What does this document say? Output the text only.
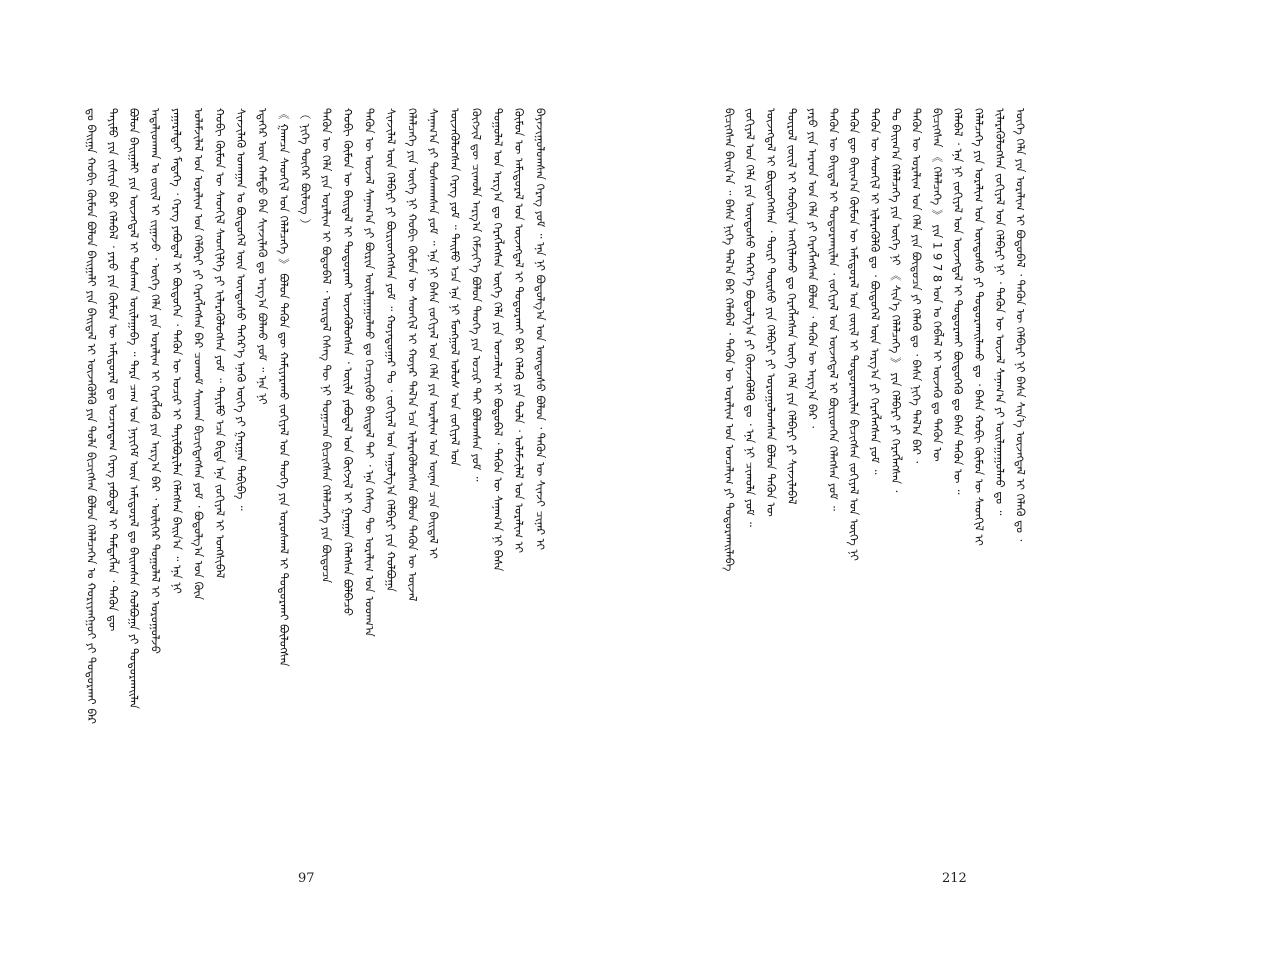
ᠳᠤ ᠪᠠᠢᠭᠠ ᠬᠤᠪᠢ ᠬᠦᠮᠦᠨ ᠪᠤᠯᠤᠨ ᠪᠠᠢᠭᠠᠯᠢ ᠶᠢᠨ ᠪᠠᠢᠳᠠᠯ ᠢ ᠦᠵᠡᠭᠦᠯᠬᠦ ᠶᠢᠨ ᠲᠤᠯᠠ ᠪᠢᠴᠢᠭᠰᠡᠨ ᠪᠣᠯᠤᠨ ᠬᠡᠯᠡᠯᠴᠡᠭᠡᠨ ᠤ ᠬᠤᠷᠢᠶᠠᠩᠭᠤᠢ ᠶᠢ ᠲᠣᠳᠣᠷᠬᠠᠢ ᠪᠡᠷ ᠲᠡᠶᠢᠮᠦ ᠶᠢᠨ ᠵᠢᠰᠢᠶᠡ ᠪᠡᠷ ᠬᠡᠯᠡᠪᠡᠯ ᠂ ᠶᠡᠷᠦ ᠶᠢᠨ ᠬᠦᠮᠦᠨ ᠦ ᠠᠮᠢᠳᠤᠷᠠᠯ ᠳᠤ ᠤᠴᠠᠷᠠᠳᠠᠭ ᠬᠡᠷᠡᠭ ᠶᠠᠪᠤᠳᠠᠯ ᠢ ᠲᠡᠮᠳᠡᠭᠯᠡᠨ ᠂ ᠲᠡᠭᠦᠨ ᠳᠦ ᠪᠣᠯᠤᠨ ᠪᠠᠢᠭᠠᠯᠢ ᠶᠢᠨ ᠦᠵᠡᠭᠳᠡᠯ ᠢ ᠲᠤᠰᠬᠠᠨ ᠤᠢᠯᠠᠭᠠᠪᠠ ᠃ ᠲᠡᠷᠡ ᠴᠠᠭ ᠤᠨ ᠨᠡᠶᠢᠭᠡᠮ ᠦᠨ ᠠᠮᠢᠳᠤᠷᠠᠯ ᠳᠤ ᠪᠠᠢᠭᠰᠠᠨ ᠬᠣᠯᠪᠣᠭᠠ ᠶᠢ ᠲᠣᠳᠣᠷᠬᠠᠢᠯᠠᠨ ᠠᠳᠠᠯᠢᠳᠬᠠᠨ ᠤ ᠵᠦᠢᠯ ᠢ ᠵᠢᠭᠠᠵᠤ ᠂ ᠦᠭᠡ ᠬᠡᠯᠡ ᠶᠢᠨ ᠤᠷᠠᠯᠢᠭ ᠢ ᠬᠡᠷᠡᠭᠯᠡᠬᠦ ᠶᠢᠨ ᠠᠷᠭ᠎ᠠ ᠪᠠᠷ ᠂ ᠦᠯᠢᠭᠡᠷ ᠳᠤᠭᠤᠯᠠᠯ ᠢ ᠣᠷᠣᠭᠤᠯᠵᠤ ᠶᠠᠭᠠᠷᠠᠯᠲᠠᠢ ᠮᠡᠳᠡᠭᠡ ᠂ ᠬᠡᠷᠡᠭ ᠶᠠᠪᠤᠳᠠᠯ ᠢ ᠪᠦᠲᠦᠭᠡᠨ ᠂ ᠲᠡᠭᠦᠨ ᠦ ᠤᠴᠢᠷ ᠢ ᠲᠠᠶᠢᠯᠪᠤᠷᠢᠯᠠᠨ ᠬᠡᠯᠡᠭᠰᠡᠨ ᠪᠠᠢᠨ᠎ᠠ ᠃ ᠡᠨᠡ ᠨᠢ ᠤᠯᠠᠮᠵᠢᠯᠠᠯ ᠤᠨ ᠤᠷᠠᠯᠢᠭ ᠤᠨ ᠬᠡᠯᠪᠡᠷᠢ ᠶᠢ ᠬᠡᠷᠡᠭᠯᠡᠭᠰᠡᠨ ᠪᠡᠷ ᠴᠣᠬᠣᠮ ᠰᠠᠢᠬᠠᠨ ᠪᠢᠴᠢᠭᠳᠡᠭᠰᠡᠨ ᠶᠤᠮ ᠂ ᠪᠣᠳᠣᠯᠭ᠎ᠠ ᠤᠨ ᠭᠦᠨ ᠬᠤᠪᠢ ᠬᠦᠮᠦᠨ ᠦ ᠰᠡᠳᠬᠢᠯ ᠰᠡᠳᠬᠢᠯᠭᠡ ᠶᠢ ᠢᠯᠡᠷᠡᠭᠦᠯᠦᠭᠰᠡᠨ ᠶᠤᠮ ᠃ ᠲᠡᠶᠢᠮᠦ ᠡᠴᠡ ᠪᠢᠳᠡ ᠡᠨᠡ ᠵᠣᠬᠢᠶᠠᠯ ᠢ ᠤᠩᠰᠢᠪᠠᠯ ᠰᠢᠨᠵᠢᠯᠡᠬᠦ ᠤᠬᠠᠭᠠᠨ ᠤ ᠪᠦᠲᠦᠭᠡᠯ ᠦᠨ ᠦᠨᠳᠦᠰᠦ ᠳᠡᠭᠡᠷ᠎ᠡ ᠡᠨᠡᠬᠦ ᠦᠭᠡ ᠶᠢ ᠭᠠᠷᠭᠠᠨ ᠲᠠᠪᠢᠪᠠ ᠃ ᠡᠳᠡᠭᠡᠷ ᠦᠨ ᠬᠠᠮᠲᠤ ᠪᠠᠨ ᠰᠢᠨᠵᠢᠯᠡᠬᠦ ᠳᠤ ᠠᠷᠭ᠎ᠠ ᠪᠣᠯᠬᠤ ᠶᠤᠮ ᠃ ᠡᠨᠡ ᠨᠢ 《 ᠭᠠᠭᠴᠠ ᠰᠡᠳᠬᠢᠯ ᠤᠨ ᠬᠡᠯᠡᠯᠴᠡᠭᠡ 》 ᠪᠣᠯᠤᠨ ᠲᠡᠭᠦᠨ ᠳᠦ ᠬᠠᠮᠢᠶᠠᠷᠠᠬᠤ ᠵᠣᠬᠢᠶᠠᠯ ᠤᠨ ᠲᠡᠦᠬᠡ ᠶᠢᠨ ᠤᠷᠤᠰᠬᠠᠯ ᠢ ᠲᠣᠳᠣᠷᠬᠠᠢ ᠪᠦᠯᠦᠭᠰᠡᠨ （ ᠨᠢᠭᠡ ᠳᠦᠭᠡᠷ ᠪᠦᠯᠦᠭ ） ᠲᠡᠭᠦᠨ ᠦ ᠬᠡᠯᠡ ᠶᠢᠨ ᠤᠷᠠᠯᠢᠭ ᠢ ᠪᠣᠳᠣᠪᠠᠯ ᠂ ᠤᠷᠢᠳᠠᠯ ᠬᠡᠰᠡᠭ ᠲᠦ ᠨᠢ ᠲᠣᠭᠠᠴᠠᠨ ᠪᠢᠴᠢᠭᠰᠡᠨ ᠬᠡᠯᠡᠯᠴᠡᠭᠡ ᠶᠢᠨ ᠪᠦᠲᠦᠴᠡ ᠬᠤᠪᠢ ᠬᠦᠮᠦᠨ ᠦ ᠪᠠᠢᠳᠠᠯ ᠢ ᠲᠣᠳᠣᠷᠬᠠᠢ ᠦᠵᠡᠭᠦᠯᠦᠭᠰᠡᠨ ᠂ ᠦᠢᠯᠡ ᠶᠠᠪᠤᠳᠠᠯ ᠤᠨ ᠬᠥᠭᠵᠢᠯ ᠢ ᠭᠠᠷᠭᠠᠨ ᠬᠡᠯᠡᠭᠰᠡᠨ ᠪᠣᠯᠪᠠᠴᠤ ᠲᠡᠭᠦᠨ ᠦ ᠦᠵᠡᠯ ᠰᠠᠨᠠᠭ᠎ᠠ ᠶᠢ ᠪᠦᠷᠢᠨ ᠤᠢᠯᠠᠭᠠᠭᠤᠯᠬᠤ ᠳᠤ ᠬᠡᠴᠡᠶᠢᠭᠦᠦ ᠪᠠᠢᠳᠠᠯ ᠲᠠᠢ ᠂ ᠡᠨᠡ ᠬᠡᠰᠡᠭ ᠲᠦ ᠤᠷᠠᠯᠢᠭ ᠤᠨ ᠤᠳᠬ᠎ᠠ ᠰᠢᠨᠵᠢᠯᠡᠯ ᠦᠨ ᠬᠡᠯᠪᠡᠷᠢ ᠶᠢ ᠪᠦᠷᠢᠳᠬᠡᠭᠰᠡᠨ ᠶᠤᠮ ᠃ ᠬᠣᠶᠠᠳᠤᠭᠠᠷ ᠲᠤ ᠂ ᠵᠣᠬᠢᠶᠠᠯ ᠤᠨ ᠠᠭᠤᠯᠭ᠎ᠠ ᠬᠡᠯᠪᠡᠷᠢ ᠶᠢᠨ ᠬᠣᠯᠪᠣᠭᠠ ᠬᠡᠯᠡᠯᠴᠡᠭᠡ ᠶᠢᠨ ᠦᠭᠡ ᠨᠢ ᠬᠤᠪᠢ ᠬᠦᠮᠦᠨ ᠦ ᠰᠡᠳᠬᠢᠯ ᠢ ᠬᠣᠶᠠᠷ ᠲᠠᠯ᠎ᠠ ᠡᠴᠡ ᠢᠯᠡᠷᠡᠭᠦᠯᠦᠭᠰᠡᠨ ᠪᠣᠯᠤᠨ ᠲᠡᠭᠦᠨ ᠦ ᠦᠵᠡᠯ ᠰᠠᠨᠠᠭ᠎ᠠ ᠶᠢ ᠲᠤᠰᠬᠠᠭᠰᠠᠨ ᠶᠤᠮ ᠃ ᠡᠨᠡ ᠨᠢ ᠪᠠᠰᠠ ᠵᠣᠬᠢᠶᠠᠯ ᠤᠨ ᠬᠡᠯᠡ ᠶᠢᠨ ᠤᠷᠠᠯᠢᠭ ᠤᠨ ᠦᠨᠡᠨ ᠴᠢᠨ ᠪᠠᠢᠳᠠᠯ ᠢ ᠦᠵᠡᠭᠦᠯᠦᠭᠰᠡᠨ ᠬᠡᠷᠡᠭ ᠶᠤᠮ ᠃ ᠲᠡᠢᠮᠦ ᠡᠴᠡ ᠡᠨᠡ ᠨᠢ ᠮᠣᠩᠭᠣᠯ ᠤᠯᠤᠰ ᠤᠨ ᠵᠣᠬᠢᠶᠠᠯ ᠤᠨ ᠬᠥᠭᠵᠢᠯ ᠳᠦ ᠴᠢᠬᠤᠯᠠ ᠠᠷᠭ᠎ᠠ ᠬᠡᠮᠵᠢᠶ᠎ᠡ ᠪᠣᠯᠤᠨ ᠲᠡᠦᠬᠡ ᠶᠢᠨ ᠤᠴᠢᠷ ᠲᠠᠢ ᠪᠣᠯᠤᠭᠰᠠᠨ ᠶᠤᠮ ᠃ ᠳᠤᠭᠤᠯᠠᠯ ᠤᠨ ᠠᠷᠭ᠎ᠠ ᠳᠤ ᠬᠡᠷᠡᠭᠯᠡᠭᠰᠡᠨ ᠦᠭᠡ ᠬᠡᠯᠡ ᠶᠢᠨ ᠣᠨᠴᠠᠯᠢᠭ ᠢ ᠪᠣᠳᠣᠪᠠᠯ ᠂ ᠲᠡᠭᠦᠨ ᠦ ᠰᠠᠨᠠᠭ᠎ᠠ ᠨᠢ ᠪᠠᠰᠠ ᠬᠦᠮᠦᠨ ᠦ ᠠᠮᠢᠳᠤᠷᠠᠯ ᠤᠨ ᠦᠵᠡᠭᠳᠡᠯ ᠢ ᠲᠣᠳᠣᠷᠬᠠᠢ ᠪᠡᠷ ᠬᠡᠯᠡᠬᠦ ᠶᠢᠨ ᠲᠤᠯᠠ ᠂ ᠤᠯᠠᠮᠵᠢᠯᠠᠯ ᠤᠨ ᠤᠷᠠᠯᠢᠭ ᠢ ᠪᠠᠶᠠᠵᠢᠭᠤᠯᠤᠭᠰᠠᠨ ᠬᠡᠷᠡᠭ ᠶᠤᠮ ᠃ ᠡᠨᠡ ᠨᠢ ᠪᠣᠳᠣᠯᠭ᠎ᠠ ᠤᠨ ᠦᠨᠳᠦᠰᠦ ᠪᠣᠯᠤᠨ ᠂ ᠲᠡᠭᠦᠨ ᠦ ᠰᠢᠨᠵᠢ ᠴᠢᠨᠠᠷ ᠢ
97
ᠪᠢᠴᠢᠭᠰᠡᠨ ᠪᠠᠢᠨ᠎ᠠ ᠃ ᠪᠠᠰᠠ ᠨᠢᠭᠡ ᠲᠠᠯ᠎ᠠ ᠪᠠᠷ ᠬᠡᠯᠡᠪᠡᠯ ᠂ ᠲᠡᠭᠦᠨ ᠦ ᠤᠷᠠᠯᠢᠭ ᠤᠨ ᠣᠨᠴᠠᠯᠢᠭ ᠶᠢ ᠲᠣᠳᠣᠷᠬᠠᠢᠯᠠᠪᠠ ᠵᠣᠬᠢᠶᠠᠯ ᠤᠨ ᠬᠡᠯᠡ ᠶᠢᠨ ᠦᠨᠳᠦᠰᠦ ᠳᠡᠭᠡᠷ᠎ᠡ ᠪᠣᠳᠣᠯᠭ᠎ᠠ ᠶᠢ ᠭᠦᠨᠵᠡᠭᠦᠯᠬᠦ ᠳᠤ ᠂ ᠡᠨᠡ ᠨᠢ ᠴᠢᠬᠤᠯᠠ ᠶᠤᠮ ᠃ ᠦᠵᠡᠭᠳᠡᠯ ᠢ ᠪᠦᠲᠦᠭᠡᠭᠰᠡᠨ ᠂ ᠳᠦᠷᠢ ᠳᠦᠷᠰᠦ ᠶᠢᠨ ᠬᠡᠯᠪᠡᠷᠢ ᠶᠢ ᠣᠷᠣᠭᠤᠯᠤᠭᠰᠠᠨ ᠪᠣᠯᠤᠨ ᠲᠡᠭᠦᠨ ᠦ ᠲᠦᠷᠦᠯ ᠵᠦᠢᠯ ᠢ ᠬᠤᠪᠢᠶᠠᠨ ᠠᠩᠭᠢᠯᠠᠬᠤ ᠳᠤ ᠬᠡᠷᠡᠭᠯᠡᠭᠰᠡᠨ ᠦᠭᠡ ᠬᠡᠯᠡ ᠶᠢᠨ ᠬᠡᠯᠪᠡᠷᠢ ᠶᠢ ᠰᠢᠨᠵᠢᠯᠡᠪᠡᠯ ᠶᠡᠷᠦ ᠶᠢᠨ ᠠᠷᠠᠳ ᠤᠨ ᠬᠡᠯᠡ ᠶᠢ ᠬᠡᠷᠡᠭᠯᠡᠭᠰᠡᠨ ᠪᠣᠯᠤᠨ ᠂ ᠲᠡᠭᠦᠨ ᠦ ᠠᠷᠭ᠎ᠠ ᠪᠠᠷ ᠂ ᠲᠡᠭᠦᠨ ᠦ ᠪᠠᠢᠳᠠᠯ ᠢ ᠲᠣᠳᠣᠷᠬᠠᠢᠯᠠᠨ ᠂ ᠵᠣᠬᠢᠶᠠᠯ ᠤᠨ ᠦᠵᠡᠭᠳᠡᠯ ᠢ ᠪᠦᠷᠢᠳᠬᠡᠨ ᠬᠡᠯᠡᠭᠰᠡᠨ ᠶᠤᠮ ᠃ ᠲᠡᠭᠦᠨ ᠳᠦ ᠪᠠᠢᠭ᠎ᠠ ᠬᠦᠮᠦᠨ ᠦ ᠠᠮᠢᠳᠤᠷᠠᠯ ᠤᠨ ᠵᠦᠢᠯ ᠢ ᠲᠣᠳᠣᠷᠬᠠᠢᠯᠠᠨ ᠪᠢᠴᠢᠭᠰᠡᠨ ᠵᠣᠬᠢᠶᠠᠯ ᠤᠨ ᠦᠭᠡ ᠨᠢ ᠲᠡᠭᠦᠨ ᠦ ᠰᠡᠳᠬᠢᠯ ᠢ ᠢᠯᠡᠷᠡᠭᠦᠯᠬᠦ ᠳᠤ ᠂ ᠪᠦᠲᠦᠭᠡᠯ ᠦᠨ ᠠᠷᠭ᠎ᠠ ᠶᠢ ᠬᠡᠷᠡᠭᠯᠡᠭᠰᠡᠨ ᠶᠤᠮ ᠃ ᠲᠤ ᠪᠠᠢᠭ᠎ᠠ ᠬᠡᠯᠡᠯᠴᠡᠭᠡ ᠶᠢᠨ ᠦᠭᠡ ᠨᠢ 《 ᠰᠢᠨ᠎ᠡ ᠬᠡᠯᠡᠯᠴᠡᠭᠡ 》 ᠶᠢᠨ ᠬᠡᠯᠪᠡᠷᠢ ᠶᠢ ᠬᠡᠷᠡᠭᠯᠡᠭᠰᠡᠨ ᠂ ᠲᠡᠭᠦᠨ ᠦ ᠤᠷᠠᠯᠢᠭ ᠤᠨ ᠬᠡᠯᠡ ᠶᠢᠨ ᠪᠦᠲᠦᠴᠡ ᠶᠢ ᠬᠡᠯᠡᠬᠦ ᠳᠤ ᠂ ᠪᠠᠰᠠ ᠨᠢᠭᠡ ᠲᠠᠯ᠎ᠠ ᠪᠠᠷ ᠂ ᠪᠢᠴᠢᠭᠰᠡᠨ 《 ᠬᠡᠯᠡᠯᠴᠡᠭᠡ 》 ᠶᠢᠨ 1 9 7 8 ᠣᠨ ᠤ ᠬᠡᠪᠯᠡᠯ ᠢ ᠦᠵᠡᠬᠦ ᠳᠤ ᠲᠡᠭᠦᠨ ᠦ ᠬᠡᠯᠡᠪᠡᠯ ᠂ ᠡᠨᠡ ᠨᠢ ᠵᠣᠬᠢᠶᠠᠯ ᠤᠨ ᠦᠵᠡᠭᠳᠡᠯ ᠢ ᠲᠣᠳᠣᠷᠬᠠᠢ ᠪᠦᠲᠦᠭᠡᠬᠦ ᠳᠤ ᠪᠠᠰᠠ ᠲᠡᠭᠦᠨ ᠦ ᠃ ᠬᠡᠯᠡᠯᠴᠡᠭᠡ ᠶᠢᠨ ᠤᠷᠠᠯᠢᠭ ᠤᠨ ᠦᠨᠳᠦᠰᠦ ᠶᠢ ᠲᠣᠳᠣᠷᠬᠠᠢᠯᠠᠬᠤ ᠳᠤ ᠂ ᠪᠠᠰᠠ ᠬᠤᠪᠢ ᠬᠦᠮᠦᠨ ᠦ ᠰᠡᠳᠬᠢᠯ ᠢ ᠢᠯᠡᠷᠡᠭᠦᠯᠦᠭᠰᠡᠨ ᠵᠣᠬᠢᠶᠠᠯ ᠤᠨ ᠬᠡᠯᠪᠡᠷᠢ ᠨᠢ ᠂ ᠲᠡᠭᠦᠨ ᠦ ᠦᠵᠡᠯ ᠰᠠᠨᠠᠭ᠎ᠠ ᠶᠢ ᠤᠢᠯᠠᠭᠠᠭᠤᠯᠬᠤ ᠳᠤ ᠃ ᠦᠭᠡ ᠬᠡᠯᠡ ᠶᠢᠨ ᠤᠷᠠᠯᠢᠭ ᠢ ᠪᠣᠳᠣᠪᠠᠯ ᠂ ᠲᠡᠭᠦᠨ ᠦ ᠬᠡᠯᠪᠡᠷᠢ ᠨᠢ ᠪᠠᠰᠠ ᠰᠢᠨ᠎ᠡ ᠦᠵᠡᠭᠳᠡᠯ ᠢ ᠬᠡᠯᠡᠬᠦ ᠳᠤ ᠂
212
